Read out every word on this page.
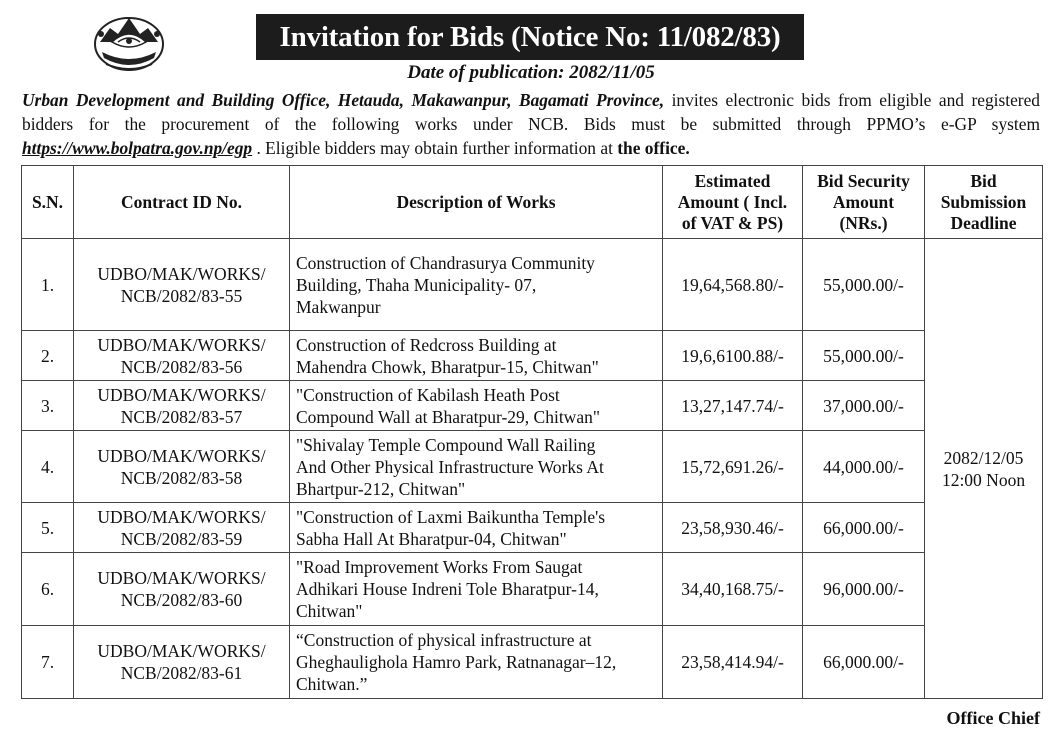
Invitation for Bids (Notice No: 11/082/83)
Date of publication: 2082/11/05
Urban Development and Building Office, Hetauda, Makawanpur, Bagamati Province, invites electronic bids from eligible and registered bidders for the procurement of the following works under NCB. Bids must be submitted through PPMO’s e-GP system https://www.bolpatra.gov.np/egp . Eligible bidders may obtain further information at the office.
S.N.	Contract ID No.	Description of Works	Estimated
Amount ( Incl.
of VAT & PS)	Bid Security
Amount
(NRs.)	Bid
Submission
Deadline
1.	UDBO/MAK/WORKS/
NCB/2082/83-55	Construction of Chandrasurya Community
Building, Thaha Municipality- 07,
Makwanpur	19,64,568.80/-	55,000.00/-	2082/12/05
12:00 Noon
2.	UDBO/MAK/WORKS/
NCB/2082/83-56	Construction of Redcross Building at
Mahendra Chowk, Bharatpur-15, Chitwan"	19,6,6100.88/-	55,000.00/-	
3.	UDBO/MAK/WORKS/
NCB/2082/83-57	"Construction of Kabilash Heath Post
Compound Wall at Bharatpur-29, Chitwan"	13,27,147.74/-	37,000.00/-	
4.	UDBO/MAK/WORKS/
NCB/2082/83-58	"Shivalay Temple Compound Wall Railing
And Other Physical Infrastructure Works At
Bhartpur-212, Chitwan"	15,72,691.26/-	44,000.00/-	
5.	UDBO/MAK/WORKS/
NCB/2082/83-59	"Construction of Laxmi Baikuntha Temple's
Sabha Hall At Bharatpur-04, Chitwan"	23,58,930.46/-	66,000.00/-	
6.	UDBO/MAK/WORKS/
NCB/2082/83-60	"Road Improvement Works From Saugat
Adhikari House Indreni Tole Bharatpur-14,
Chitwan"	34,40,168.75/-	96,000.00/-	
7.	UDBO/MAK/WORKS/
NCB/2082/83-61	“Construction of physical infrastructure at
Gheghaulighola Hamro Park, Ratnanagar–12,
Chitwan.”	23,58,414.94/-	66,000.00/-	
Office Chief
